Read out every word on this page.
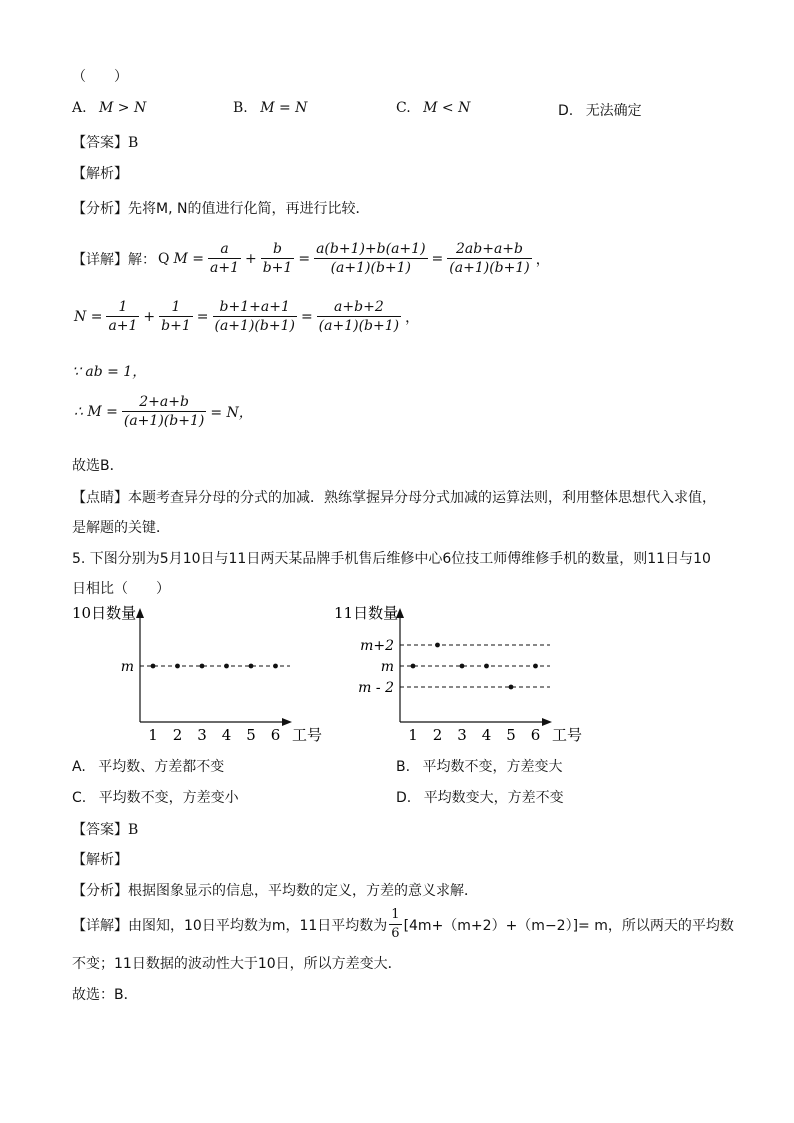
（　　）
A. M > N	B. M = N	C. M < N	D. 无法确定
【答案】B
【解析】
【分析】先将M, N的值进行化简，再进行比较．
【详解】 解： Q $M = \frac{a}{a+1} + \frac{b}{b+1} = \frac{a(b+1)+b(a+1)}{(a+1)(b+1)} = \frac{2ab+a+b}{(a+1)(b+1)}$ ，
$N = \frac{1}{a+1} + \frac{1}{b+1} = \frac{b+1+a+1}{(a+1)(b+1)} = \frac{a+b+2}{(a+1)(b+1)}$ ，
∵ ab = 1，
∴ $M = \frac{2+a+b}{(a+1)(b+1)} = N$，
故选B．
【点睛】本题考查异分母的分式的加减．熟练掌握异分母分式加减的运算法则，利用整体思想代入求值，
是解题的关键．
5. 下图分别为5月10日与11日两天某品牌手机售后维修中心6位技工师傅维修手机的数量，则11日与10
日相比（　　）
10日数量
工号
m
1 2 3 4 5 6
11日数量
工号
m+2
m
m - 2
1 2 3 4 5 6
A. 平均数、方差都不变	B. 平均数不变，方差变大
C. 平均数不变，方差变小	D. 平均数变大，方差不变
【答案】B
【解析】
【分析】根据图象显示的信息，平均数的定义，方差的意义求解．
【详解】 由图知，10日平均数为m，11日平均数为 $\frac{1}{6} [4m+(m+2)+(m-2)]= m$，所以两天的平均数
不变；11日数据的波动性大于10日，所以方差变大．
故选：B．
